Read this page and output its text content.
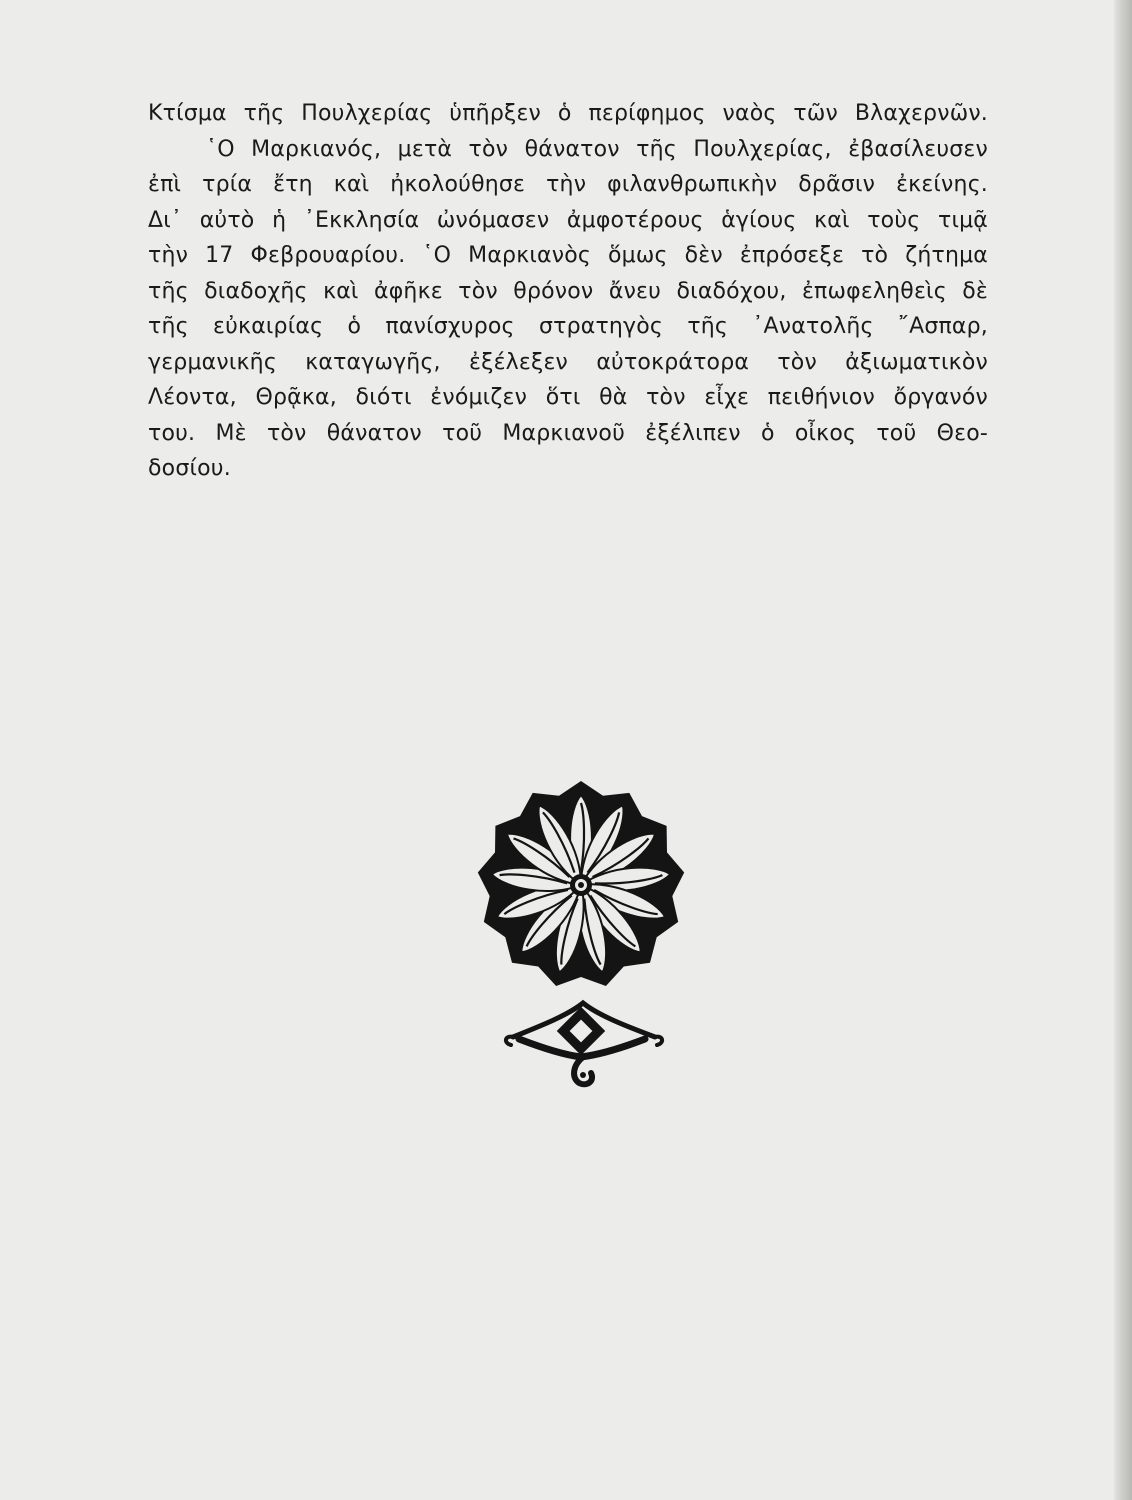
Κτίσμα τῆς Πουλχερίας ὑπῆρξεν ὁ περίφημος ναὸς τῶν Βλαχερνῶν.
῾Ο Μαρκιανός, μετὰ τὸν θάνατον τῆς Πουλχερίας, ἐβασίλευσεν
ἐπὶ τρία ἔτη καὶ ἠκολούθησε τὴν φιλανθρωπικὴν δρᾶσιν ἐκείνης.
Δι᾿ αὐτὸ ἡ ᾿Εκκλησία ὠνόμασεν ἀμφοτέρους ἁγίους καὶ τοὺς τιμᾷ
τὴν 17 Φεβρουαρίου. ῾Ο Μαρκιανὸς ὅμως δὲν ἐπρόσεξε τὸ ζήτημα
τῆς διαδοχῆς καὶ ἀφῆκε τὸν θρόνον ἄνευ διαδόχου, ἐπωφεληθεὶς δὲ
τῆς εὐκαιρίας ὁ πανίσχυρος στρατηγὸς τῆς ᾿Ανατολῆς ῎Ασπαρ,
γερμανικῆς καταγωγῆς, ἐξέλεξεν αὐτοκράτορα τὸν ἀξιωματικὸν
Λέοντα, Θρᾷκα, διότι ἐνόμιζεν ὅτι θὰ τὸν εἶχε πειθήνιον ὄργανόν
του. Μὲ τὸν θάνατον τοῦ Μαρκιανοῦ ἐξέλιπεν ὁ οἶκος τοῦ Θεο-
δοσίου.
